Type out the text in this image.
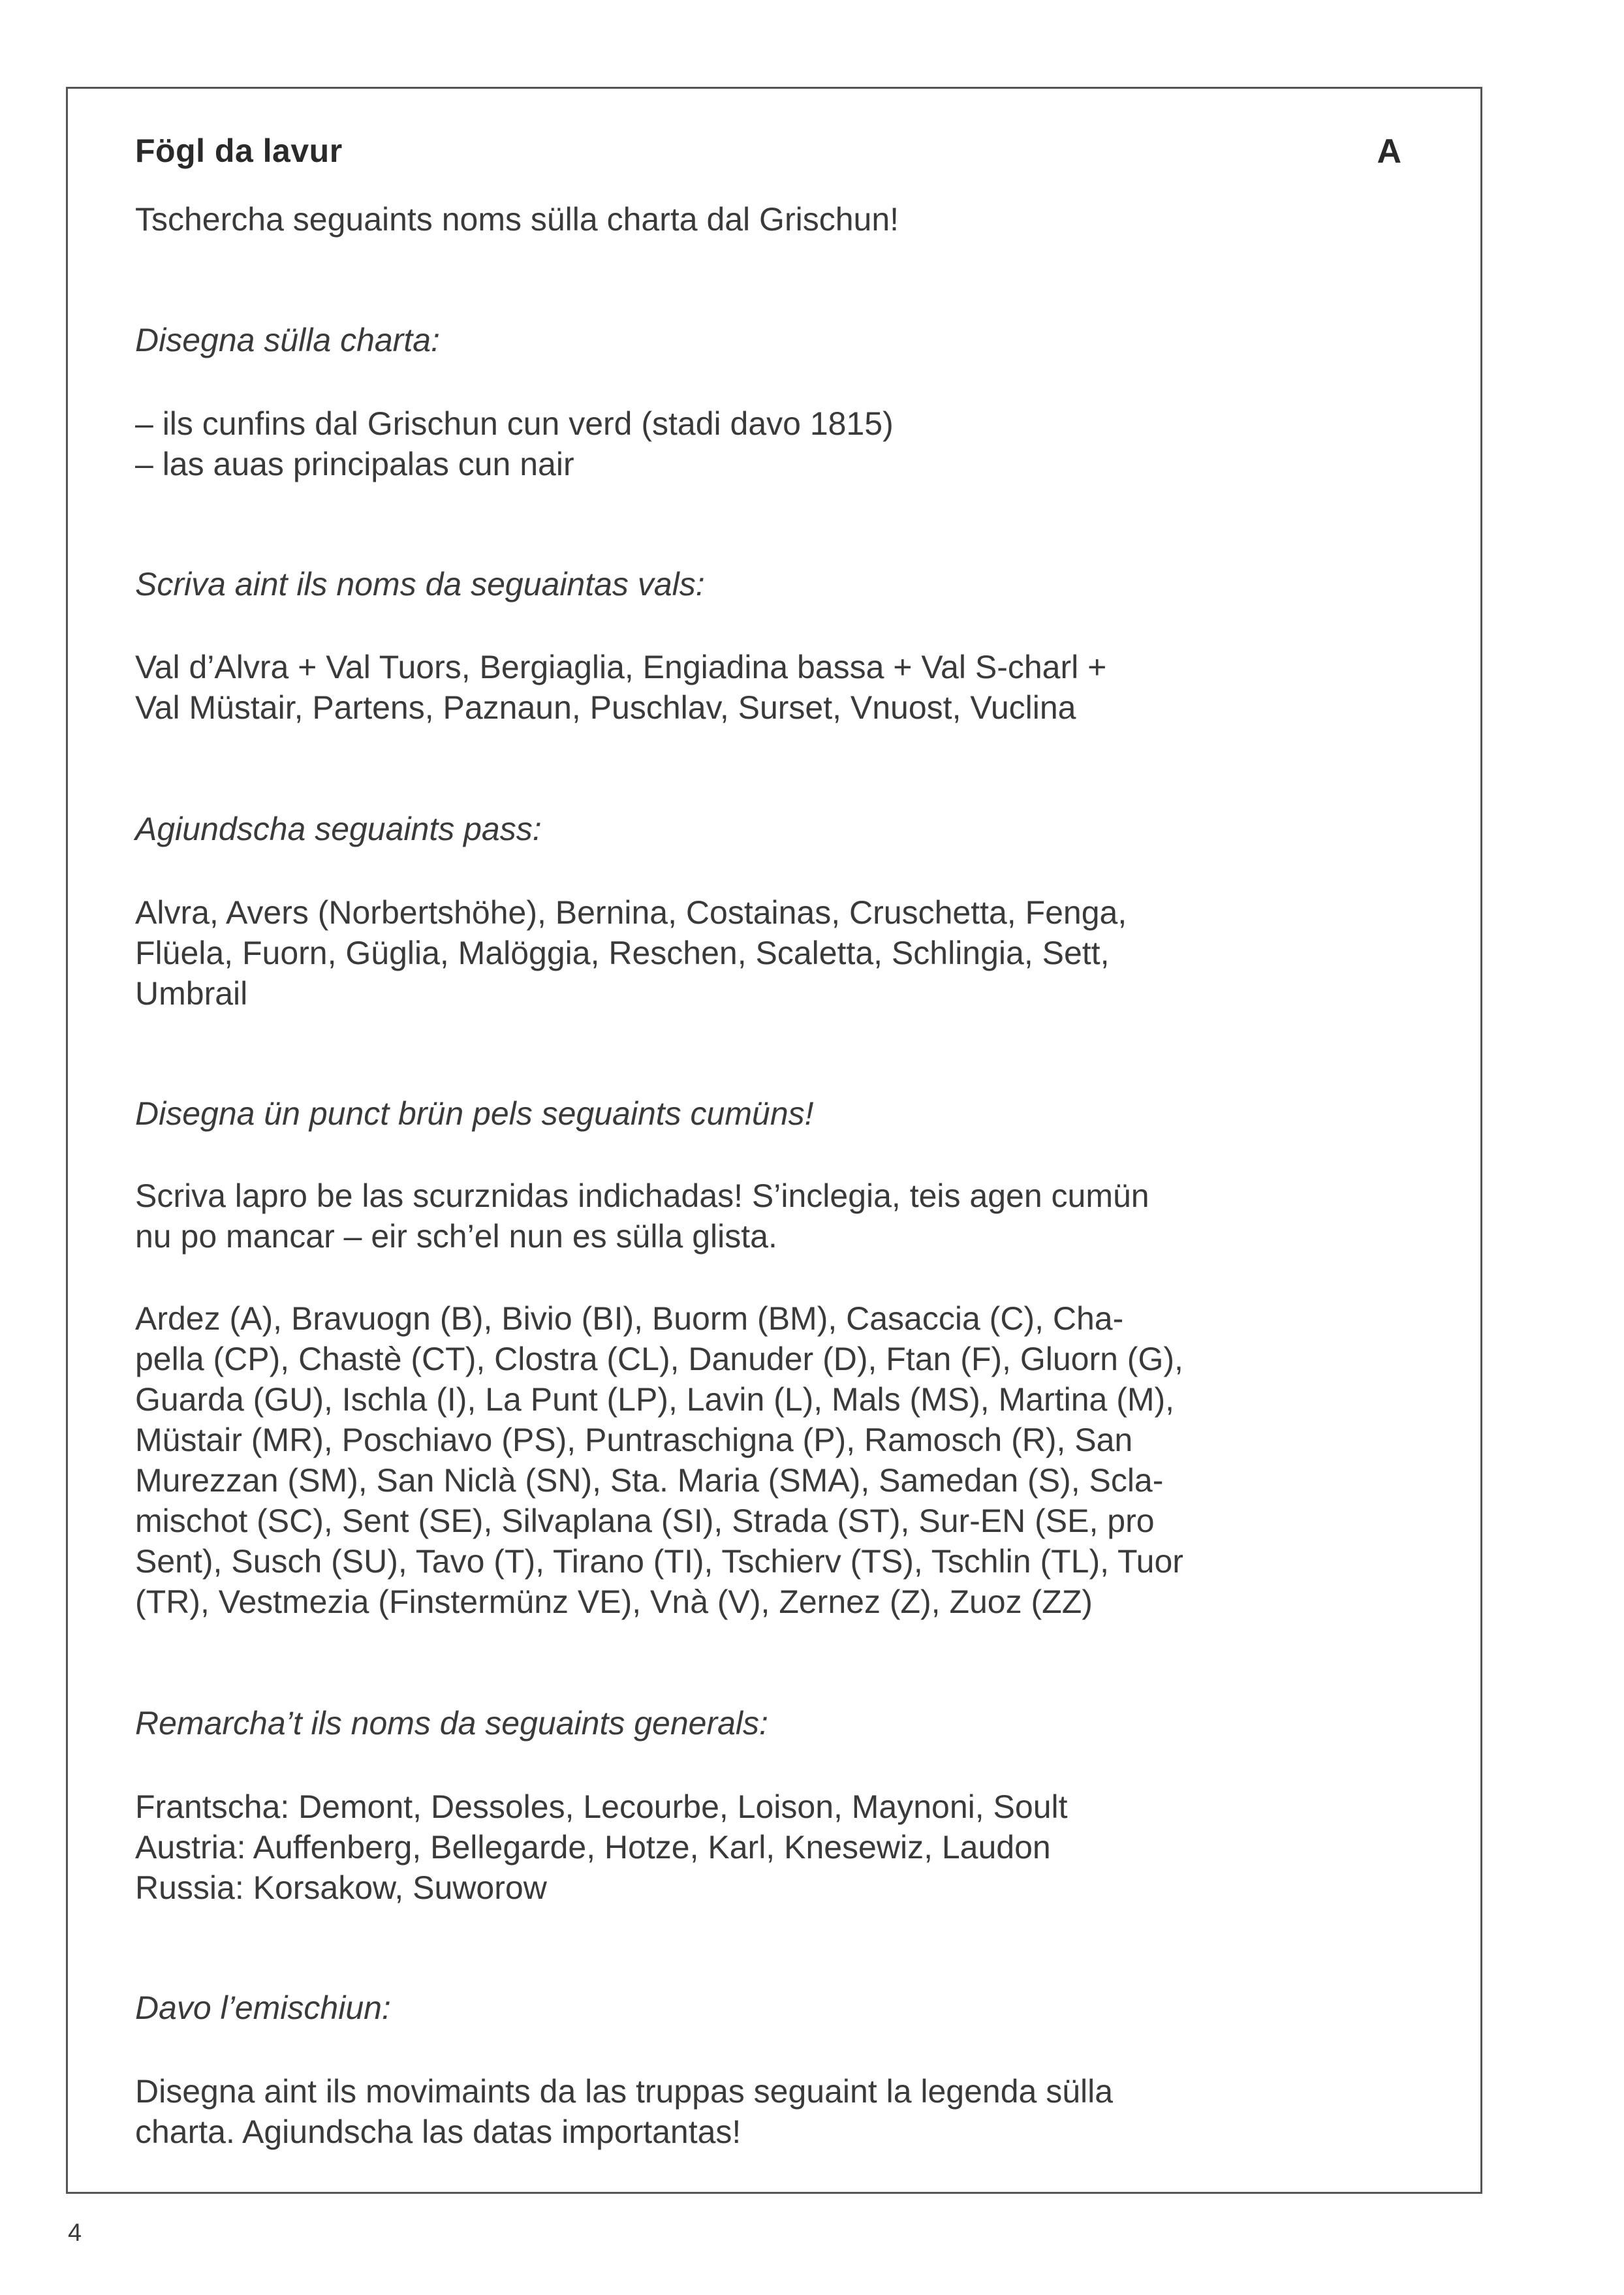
Fögl da lavur	A
Tschercha seguaints noms sülla charta dal Grischun!
Disegna sülla charta:
– ils cunfins dal Grischun cun verd (stadi davo 1815)
– las auas principalas cun nair
Scriva aint ils noms da seguaintas vals:
Val d’Alvra + Val Tuors, Bergiaglia, Engiadina bassa + Val S-charl +
Val Müstair, Partens, Paznaun, Puschlav, Surset, Vnuost, Vuclina
Agiundscha seguaints pass:
Alvra, Avers (Norbertshöhe), Bernina, Costainas, Cruschetta, Fenga,
Flüela, Fuorn, Güglia, Malöggia, Reschen, Scaletta, Schlingia, Sett,
Umbrail
Disegna ün punct brün pels seguaints cumüns!
Scriva lapro be las scurznidas indichadas! S’inclegia, teis agen cumün
nu po mancar – eir sch’el nun es sülla glista.
Ardez (A), Bravuogn (B), Bivio (BI), Buorm (BM), Casaccia (C), Cha-
pella (CP), Chastè (CT), Clostra (CL), Danuder (D), Ftan (F), Gluorn (G),
Guarda (GU), Ischla (I), La Punt (LP), Lavin (L), Mals (MS), Martina (M),
Müstair (MR), Poschiavo (PS), Puntraschigna (P), Ramosch (R), San
Murezzan (SM), San Niclà (SN), Sta. Maria (SMA), Samedan (S), Scla-
mischot (SC), Sent (SE), Silvaplana (SI), Strada (ST), Sur-EN (SE, pro
Sent), Susch (SU), Tavo (T), Tirano (TI), Tschierv (TS), Tschlin (TL), Tuor
(TR), Vestmezia (Finstermünz VE), Vnà (V), Zernez (Z), Zuoz (ZZ)
Remarcha’t ils noms da seguaints generals:
Frantscha: Demont, Dessoles, Lecourbe, Loison, Maynoni, Soult
Austria: Auffenberg, Bellegarde, Hotze, Karl, Knesewiz, Laudon
Russia: Korsakow, Suworow
Davo l’emischiun:
Disegna aint ils movimaints da las truppas seguaint la legenda sülla
charta. Agiundscha las datas importantas!
4
